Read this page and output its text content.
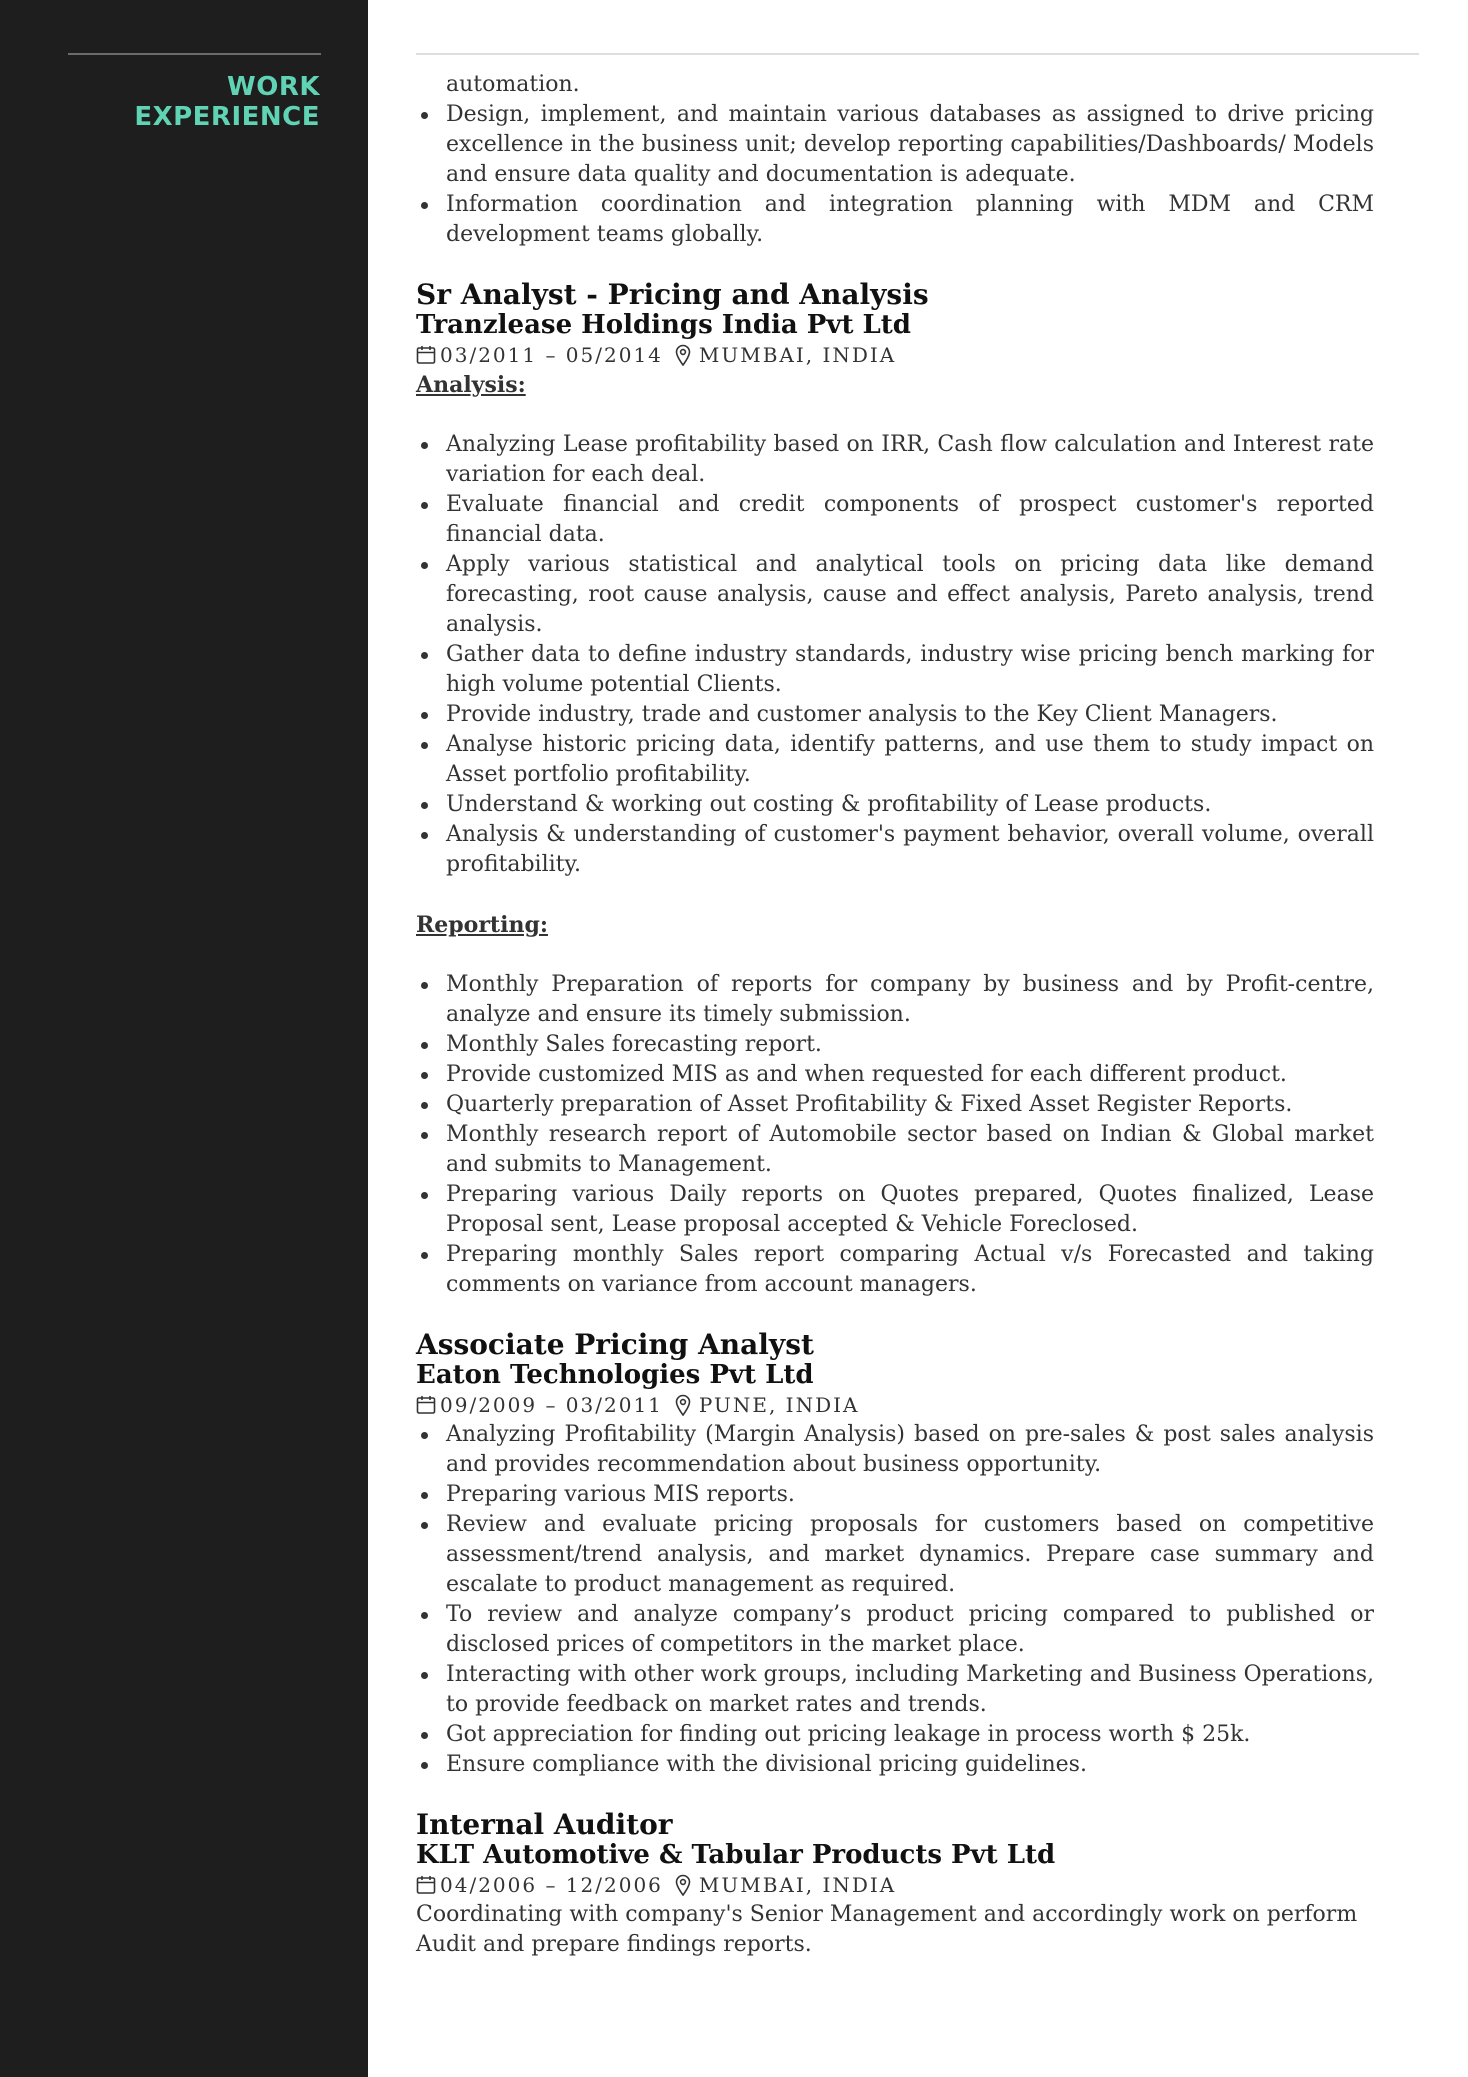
WORK
EXPERIENCE
automation.
Design, implement, and maintain various databases as assigned to drive pricing excellence in the business unit; develop reporting capabilities/Dashboards/ Models and ensure data quality and documentation is adequate.
Information coordination and integration planning with MDM and CRM development teams globally.
Sr Analyst - Pricing and Analysis
Tranzlease Holdings India Pvt Ltd
03/2011 – 05/2014 MUMBAI, INDIA
Analysis:
Analyzing Lease profitability based on IRR, Cash flow calculation and Interest rate variation for each deal.
Evaluate financial and credit components of prospect customer's reported financial data.
Apply various statistical and analytical tools on pricing data like demand forecasting, root cause analysis, cause and effect analysis, Pareto analysis, trend analysis.
Gather data to define industry standards, industry wise pricing bench marking for high volume potential Clients.
Provide industry, trade and customer analysis to the Key Client Managers.
Analyse historic pricing data, identify patterns, and use them to study impact on Asset portfolio profitability.
Understand & working out costing & profitability of Lease products.
Analysis & understanding of customer's payment behavior, overall volume, overall profitability.
Reporting:
Monthly Preparation of reports for company by business and by Profit-centre, analyze and ensure its timely submission.
Monthly Sales forecasting report.
Provide customized MIS as and when requested for each different product.
Quarterly preparation of Asset Profitability & Fixed Asset Register Reports.
Monthly research report of Automobile sector based on Indian & Global market and submits to Management.
Preparing various Daily reports on Quotes prepared, Quotes finalized, Lease Proposal sent, Lease proposal accepted & Vehicle Foreclosed.
Preparing monthly Sales report comparing Actual v/s Forecasted and taking comments on variance from account managers.
Associate Pricing Analyst
Eaton Technologies Pvt Ltd
09/2009 – 03/2011 PUNE, INDIA
Analyzing Profitability (Margin Analysis) based on pre-sales & post sales analysis and provides recommendation about business opportunity.
Preparing various MIS reports.
Review and evaluate pricing proposals for customers based on competitive assessment/trend analysis, and market dynamics. Prepare case summary and escalate to product management as required.
To review and analyze company’s product pricing compared to published or disclosed prices of competitors in the market place.
Interacting with other work groups, including Marketing and Business Operations, to provide feedback on market rates and trends.
Got appreciation for finding out pricing leakage in process worth $ 25k.
Ensure compliance with the divisional pricing guidelines.
Internal Auditor
KLT Automotive & Tabular Products Pvt Ltd
04/2006 – 12/2006 MUMBAI, INDIA
Coordinating with company's Senior Management and accordingly work on perform Audit and prepare findings reports.
